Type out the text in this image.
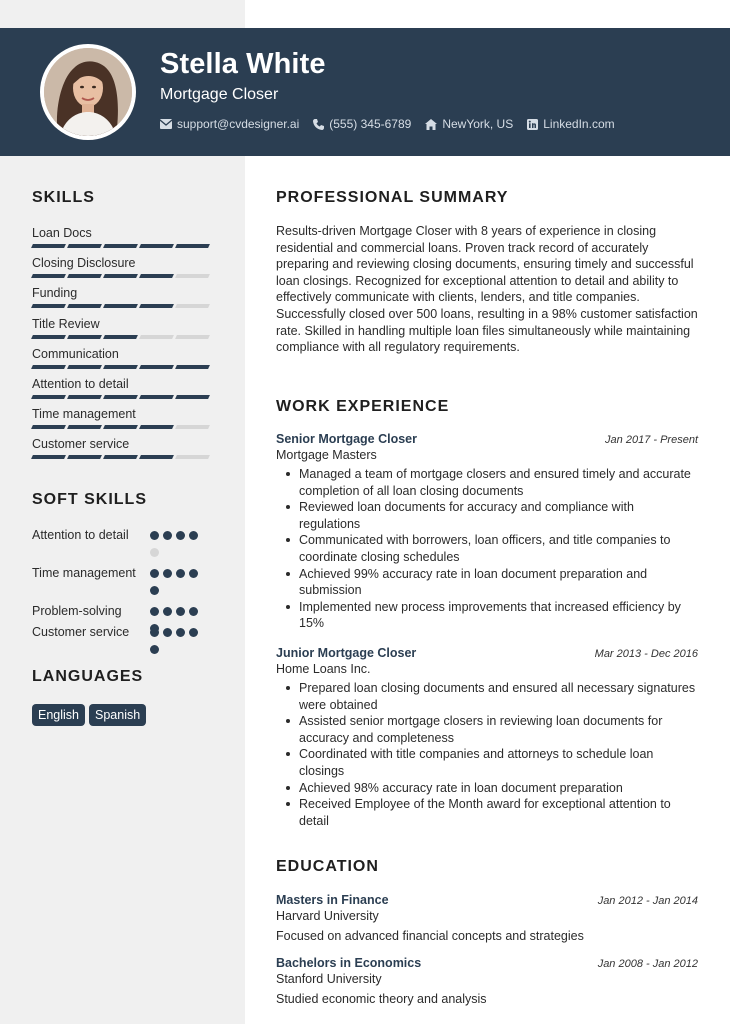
Stella White
Mortgage Closer
support@cvdesigner.ai	(555) 345-6789	NewYork, US	LinkedIn.com
SKILLS
Loan Docs
Closing Disclosure
Funding
Title Review
Communication
Attention to detail
Time management
Customer service
SOFT SKILLS
Attention to detail
Time management
Problem-solving
Customer service
LANGUAGES
English	Spanish
PROFESSIONAL SUMMARY
Results-driven Mortgage Closer with 8 years of experience in closing residential and commercial loans. Proven track record of accurately preparing and reviewing closing documents, ensuring timely and successful loan closings. Recognized for exceptional attention to detail and ability to effectively communicate with clients, lenders, and title companies. Successfully closed over 500 loans, resulting in a 98% customer satisfaction rate. Skilled in handling multiple loan files simultaneously while maintaining compliance with all regulatory requirements.
WORK EXPERIENCE
Senior Mortgage Closer	Jan 2017 - Present
Mortgage Masters
Managed a team of mortgage closers and ensured timely and accurate completion of all loan closing documents
Reviewed loan documents for accuracy and compliance with regulations
Communicated with borrowers, loan officers, and title companies to coordinate closing schedules
Achieved 99% accuracy rate in loan document preparation and submission
Implemented new process improvements that increased efficiency by 15%
Junior Mortgage Closer	Mar 2013 - Dec 2016
Home Loans Inc.
Prepared loan closing documents and ensured all necessary signatures were obtained
Assisted senior mortgage closers in reviewing loan documents for accuracy and completeness
Coordinated with title companies and attorneys to schedule loan closings
Achieved 98% accuracy rate in loan document preparation
Received Employee of the Month award for exceptional attention to detail
EDUCATION
Masters in Finance	Jan 2012 - Jan 2014
Harvard University
Focused on advanced financial concepts and strategies
Bachelors in Economics	Jan 2008 - Jan 2012
Stanford University
Studied economic theory and analysis
